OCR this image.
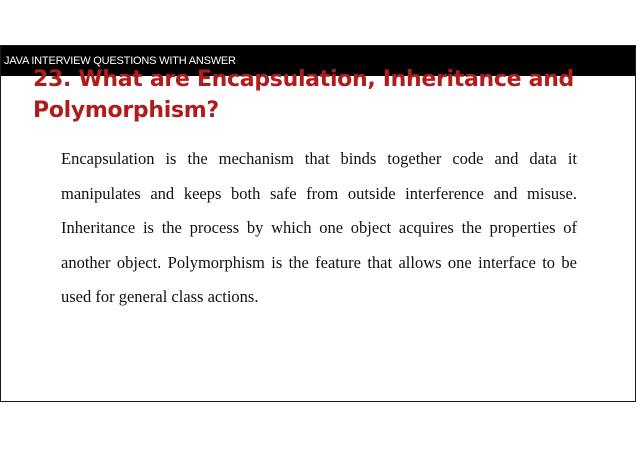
JAVA INTERVIEW QUESTIONS WITH ANSWER
23. What are Encapsulation, Inheritance and Polymorphism?

Encapsulation is the mechanism that binds together code and data it manipulates and keeps both safe from outside interference and misuse. Inheritance is the process by which one object acquires the properties of another object. Polymorphism is the feature that allows one interface to be used for general class actions.
